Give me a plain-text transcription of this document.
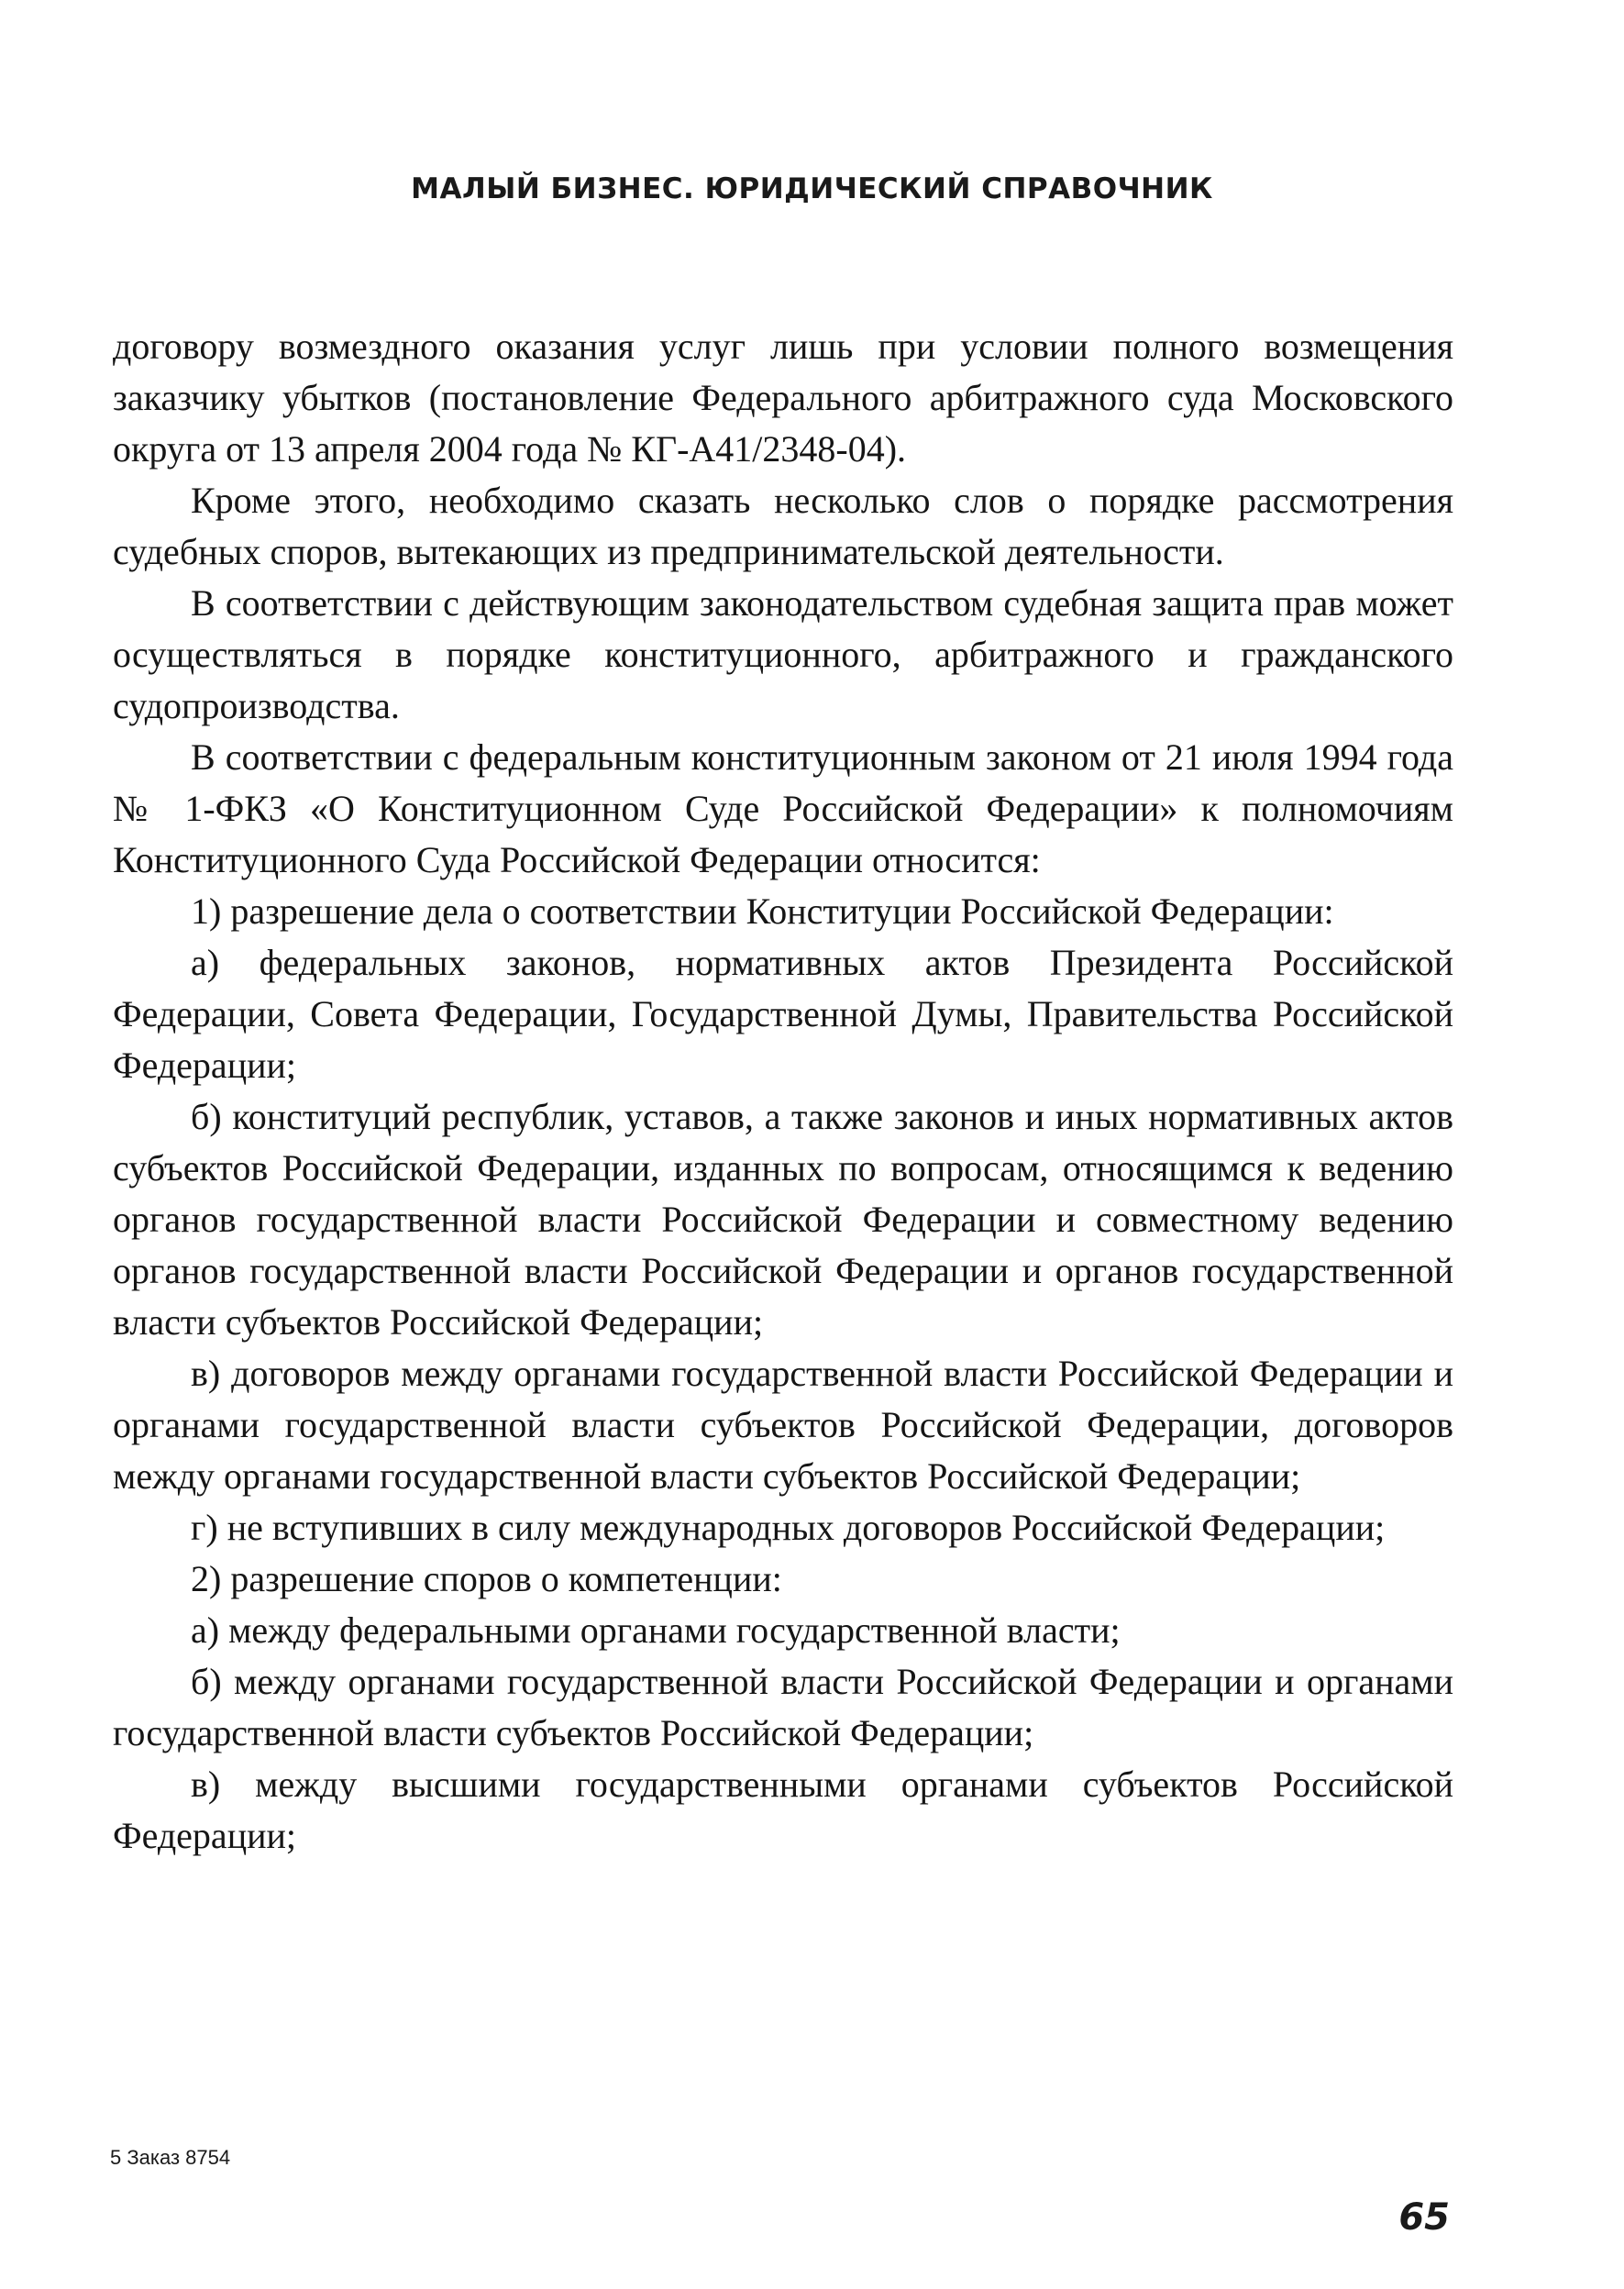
МАЛЫЙ БИЗНЕС. ЮРИДИЧЕСКИЙ СПРАВОЧНИК

договору возмездного оказания услуг лишь при условии полного возмещения заказчику убытков (постановление Федерального арбитражного суда Московского округа от 13 апреля 2004 года № КГ-А41/2348-04).

Кроме этого, необходимо сказать несколько слов о порядке рассмотрения судебных споров, вытекающих из предпринимательской деятельности.

В соответствии с действующим законодательством судебная защита прав может осуществляться в порядке конституционного, арбитражного и гражданского судопроизводства.

В соответствии с федеральным конституционным законом от 21 июля 1994 года № 1-ФКЗ «О Конституционном Суде Российской Федерации» к полномочиям Конституционного Суда Российской Федерации относится:

1) разрешение дела о соответствии Конституции Российской Федерации:

а) федеральных законов, нормативных актов Президента Российской Федерации, Совета Федерации, Государственной Думы, Правительства Российской Федерации;

б) конституций республик, уставов, а также законов и иных нормативных актов субъектов Российской Федерации, изданных по вопросам, относящимся к ведению органов государственной власти Российской Федерации и совместному ведению органов государственной власти Российской Федерации и органов государственной власти субъектов Российской Федерации;

в) договоров между органами государственной власти Российской Федерации и органами государственной власти субъектов Российской Федерации, договоров между органами государственной власти субъектов Российской Федерации;

г) не вступивших в силу международных договоров Российской Федерации;

2) разрешение споров о компетенции:

а) между федеральными органами государственной власти;

б) между органами государственной власти Российской Федерации и органами государственной власти субъектов Российской Федерации;

в) между высшими государственными органами субъектов Российской Федерации;

5 Заказ 8754
65
